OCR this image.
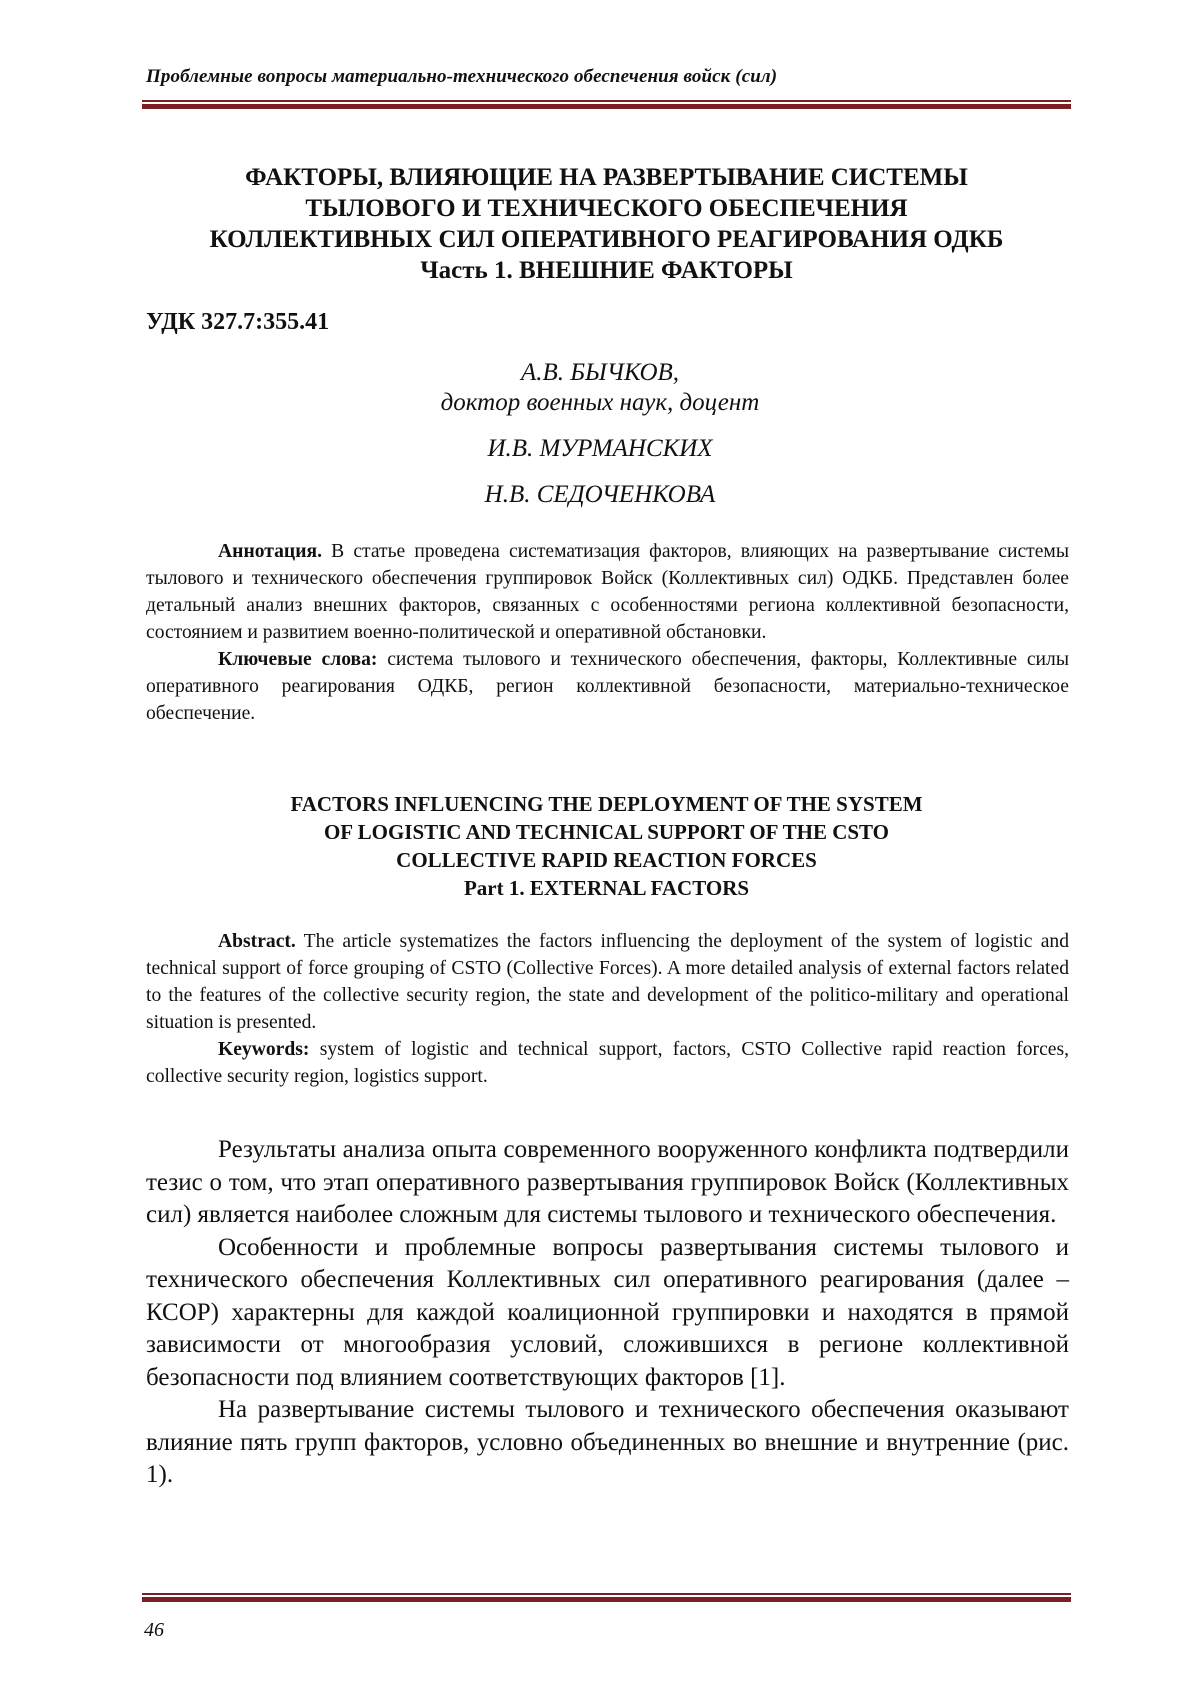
Проблемные вопросы материально-технического обеспечения войск (сил)
ФАКТОРЫ, ВЛИЯЮЩИЕ НА РАЗВЕРТЫВАНИЕ СИСТЕМЫ
ТЫЛОВОГО И ТЕХНИЧЕСКОГО ОБЕСПЕЧЕНИЯ
КОЛЛЕКТИВНЫХ СИЛ ОПЕРАТИВНОГО РЕАГИРОВАНИЯ ОДКБ
Часть 1. ВНЕШНИЕ ФАКТОРЫ
УДК 327.7:355.41
А.В. БЫЧКОВ,
доктор военных наук, доцент
И.В. МУРМАНСКИХ
Н.В. СЕДОЧЕНКОВА
Аннотация. В статье проведена систематизация факторов, влияющих на развертывание системы тылового и технического обеспечения группировок Войск (Коллективных сил) ОДКБ. Представлен более детальный анализ внешних факторов, связанных с особенностями региона коллективной безопасности, состоянием и развитием военно-политической и оперативной обстановки.
Ключевые слова: система тылового и технического обеспечения, факторы, Коллективные силы оперативного реагирования ОДКБ, регион коллективной безопасности, материально-техническое обеспечение.
FACTORS INFLUENCING THE DEPLOYMENT OF THE SYSTEM
OF LOGISTIC AND TECHNICAL SUPPORT OF THE CSTO
COLLECTIVE RAPID REACTION FORCES
Part 1. EXTERNAL FACTORS
Abstract. The article systematizes the factors influencing the deployment of the system of logistic and technical support of force grouping of CSTO (Collective Forces). A more detailed analysis of external factors related to the features of the collective security region, the state and development of the politico-military and operational situation is presented.
Keywords: system of logistic and technical support, factors, CSTO Collective rapid reaction forces, collective security region, logistics support.
Результаты анализа опыта современного вооруженного конфликта подтвердили тезис о том, что этап оперативного развертывания группировок Войск (Коллективных сил) является наиболее сложным для системы тылового и технического обеспечения.
Особенности и проблемные вопросы развертывания системы тылового и технического обеспечения Коллективных сил оперативного реагирования (далее – КСОР) характерны для каждой коалиционной группировки и находятся в прямой зависимости от многообразия условий, сложившихся в регионе коллективной безопасности под влиянием соответствующих факторов [1].
На развертывание системы тылового и технического обеспечения оказывают влияние пять групп факторов, условно объединенных во внешние и внутренние (рис. 1).
46
